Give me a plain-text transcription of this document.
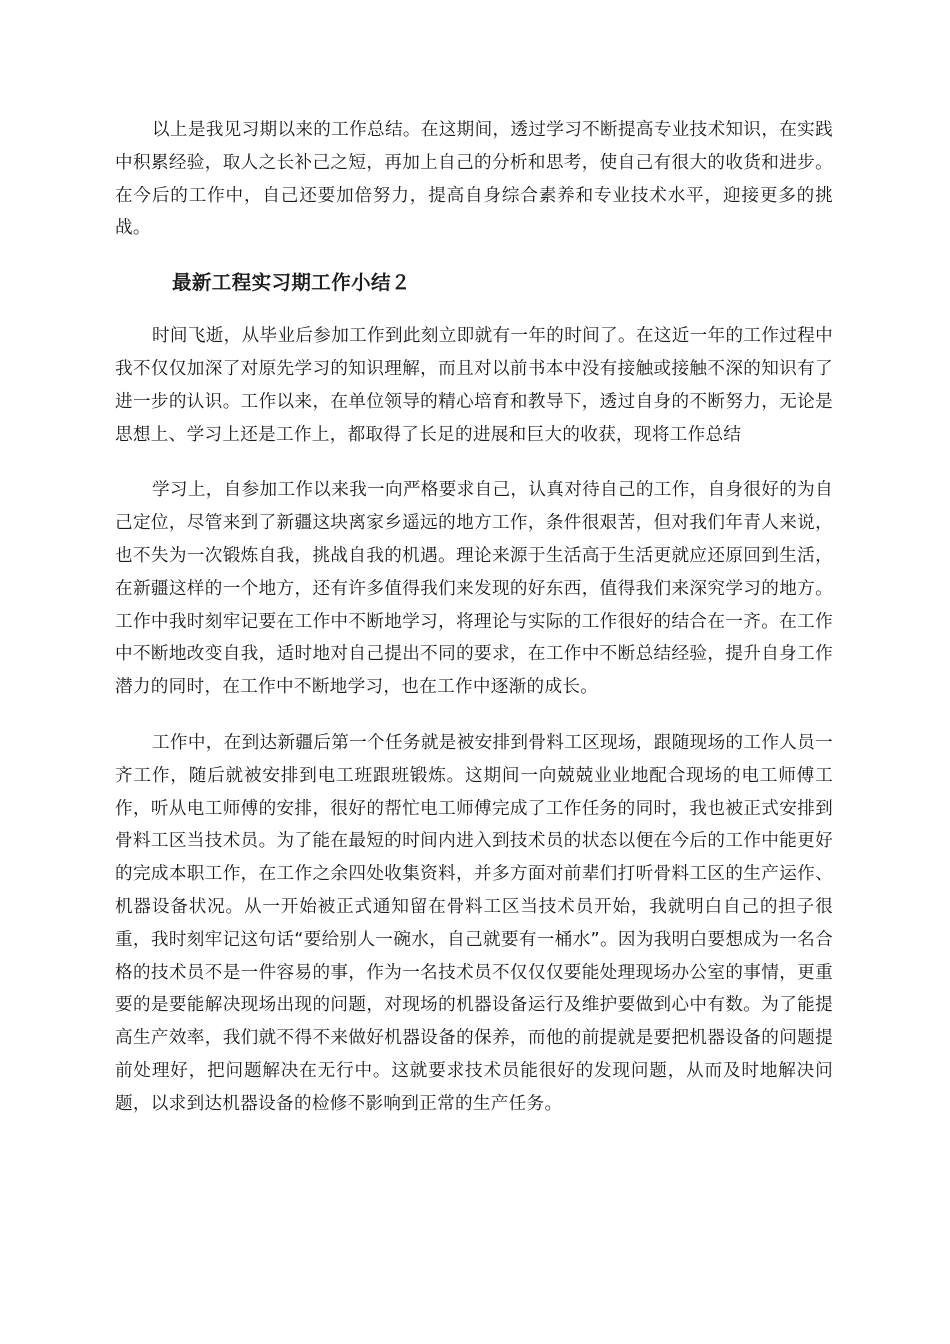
以上是我见习期以来的工作总结。在这期间，透过学习不断提高专业技术知识，在实践中积累经验，取人之长补己之短，再加上自己的分析和思考，使自己有很大的收货和进步。在今后的工作中，自己还要加倍努力，提高自身综合素养和专业技术水平，迎接更多的挑战。

最新工程实习期工作小结２

时间飞逝，从毕业后参加工作到此刻立即就有一年的时间了。在这近一年的工作过程中我不仅仅加深了对原先学习的知识理解，而且对以前书本中没有接触或接触不深的知识有了进一步的认识。工作以来，在单位领导的精心培育和教导下，透过自身的不断努力，无论是思想上、学习上还是工作上，都取得了长足的进展和巨大的收获，现将工作总结

学习上，自参加工作以来我一向严格要求自己，认真对待自己的工作，自身很好的为自己定位，尽管来到了新疆这块离家乡遥远的地方工作，条件很艰苦，但对我们年青人来说，也不失为一次锻炼自我，挑战自我的机遇。理论来源于生活高于生活更就应还原回到生活，在新疆这样的一个地方，还有许多值得我们来发现的好东西，值得我们来深究学习的地方。工作中我时刻牢记要在工作中不断地学习，将理论与实际的工作很好的结合在一齐。在工作中不断地改变自我，适时地对自己提出不同的要求，在工作中不断总结经验，提升自身工作潜力的同时，在工作中不断地学习，也在工作中逐渐的成长。

工作中，在到达新疆后第一个任务就是被安排到骨料工区现场，跟随现场的工作人员一齐工作，随后就被安排到电工班跟班锻炼。这期间一向兢兢业业地配合现场的电工师傅工作，听从电工师傅的安排，很好的帮忙电工师傅完成了工作任务的同时，我也被正式安排到骨料工区当技术员。为了能在最短的时间内进入到技术员的状态以便在今后的工作中能更好的完成本职工作，在工作之余四处收集资料，并多方面对前辈们打听骨料工区的生产运作、机器设备状况。从一开始被正式通知留在骨料工区当技术员开始，我就明白自己的担子很重，我时刻牢记这句话“要给别人一碗水，自己就要有一桶水”。因为我明白要想成为一名合格的技术员不是一件容易的事，作为一名技术员不仅仅仅要能处理现场办公室的事情，更重要的是要能解决现场出现的问题，对现场的机器设备运行及维护要做到心中有数。为了能提高生产效率，我们就不得不来做好机器设备的保养，而他的前提就是要把机器设备的问题提前处理好，把问题解决在无行中。这就要求技术员能很好的发现问题，从而及时地解决问题，以求到达机器设备的检修不影响到正常的生产任务。
